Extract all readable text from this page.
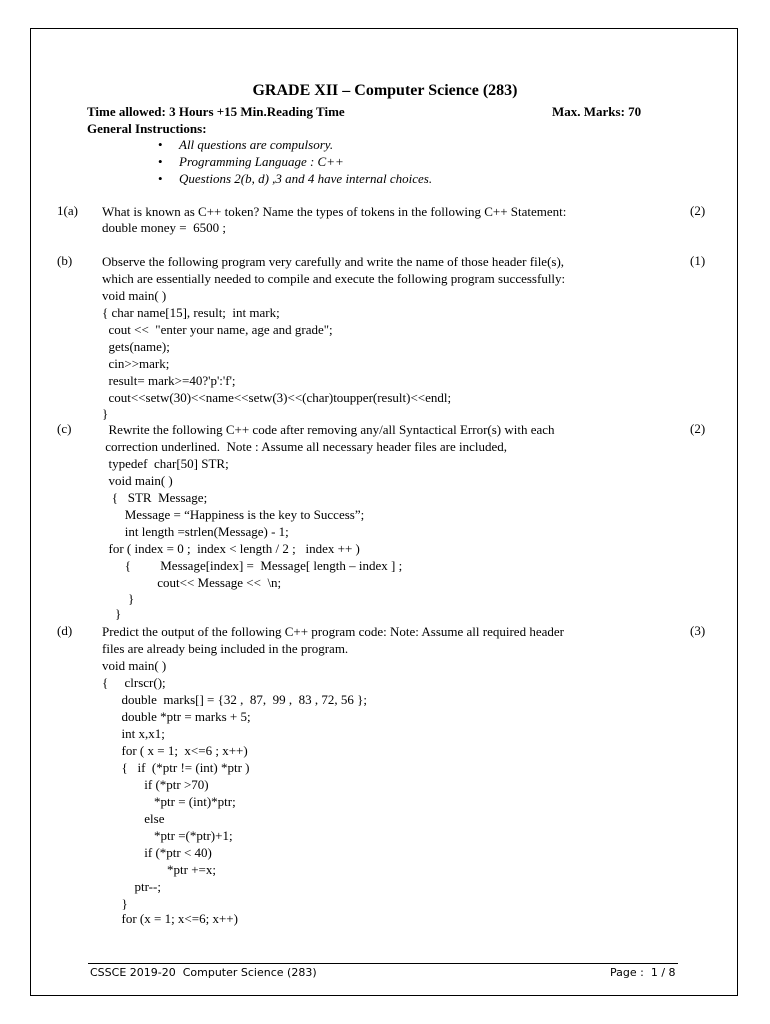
GRADE XII – Computer Science (283)
Time allowed: 3 Hours +15 Min.Reading Time	Max. Marks: 70
General Instructions:
• All questions are compulsory.
• Programming Language : C++
• Questions 2(b, d) ,3 and 4 have internal choices.
1(a)	(2)
What is known as C++ token? Name the types of tokens in the following C++ Statement:
double money =  6500 ;
(b)	(1)
Observe the following program very carefully and write the name of those header file(s),
which are essentially needed to compile and execute the following program successfully:
void main( )
{ char name[15], result;  int mark;
cout <<  "enter your name, age and grade";
gets(name);
cin>>mark;
result= mark>=40?'p':'f';
cout<<setw(30)<<name<<setw(3)<<(char)toupper(result)<<endl;
}
(c)	(2)
Rewrite the following C++ code after removing any/all Syntactical Error(s) with each
correction underlined.  Note : Assume all necessary header files are included,
typedef  char[50] STR;
void main( )
{   STR  Message;
Message = “Happiness is the key to Success”;
int length =strlen(Message) - 1;
for ( index = 0 ;  index < length / 2 ;   index ++ )
{         Message[index] =  Message[ length – index ] ;
cout<< Message <<  \n;
}
}
(d)	(3)
Predict the output of the following C++ program code: Note: Assume all required header
files are already being included in the program.
void main( )
{     clrscr();
double  marks[] = {32 ,  87,  99 ,  83 , 72, 56 };
double *ptr = marks + 5;
int x,x1;
for ( x = 1;  x<=6 ; x++)
{   if  (*ptr != (int) *ptr )
if (*ptr >70)
*ptr = (int)*ptr;
else
*ptr =(*ptr)+1;
if (*ptr < 40)
*ptr +=x;
ptr--;
}
for (x = 1; x<=6; x++)
CSSCE 2019-20  Computer Science (283)	Page :  1 / 8
